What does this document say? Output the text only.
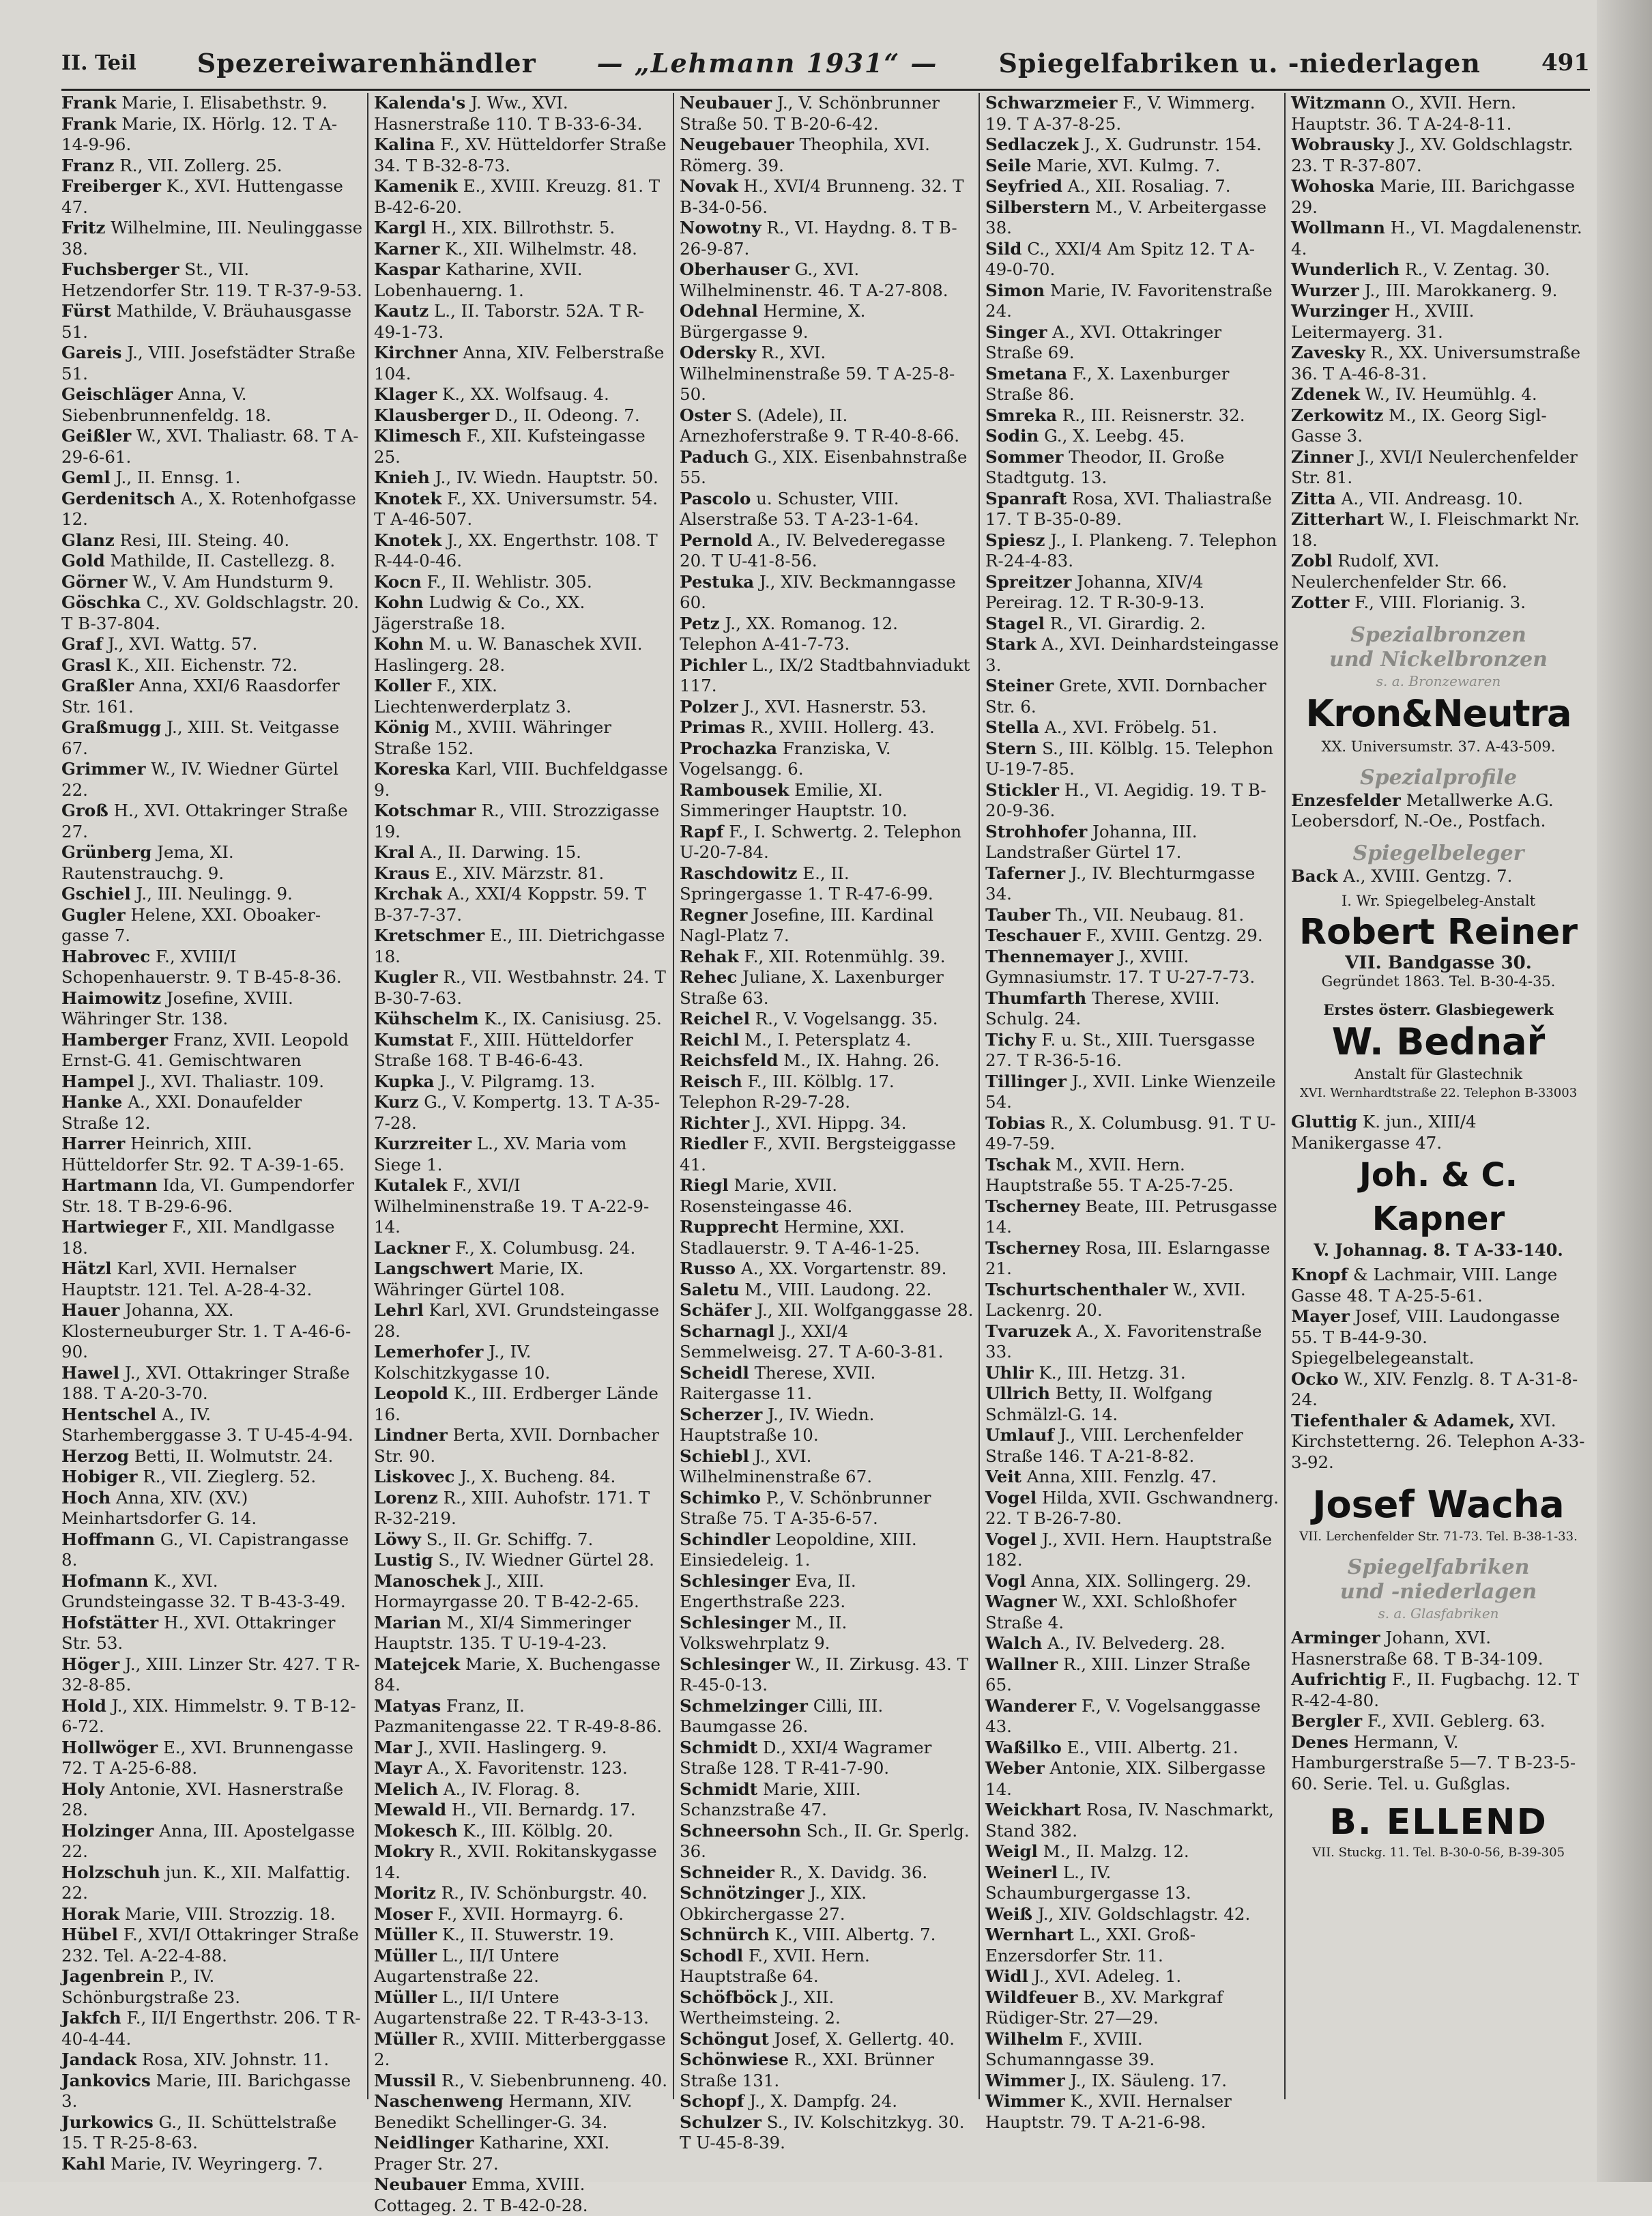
II. Teil Spezereiwarenhändler — „Lehmann 1931“ — Spiegelfabriken u. -niederlagen	491
Frank Marie, I. Elisabethstr. 9.
Frank Marie, IX. Hörlg. 12. T A-14-9-96.
Franz R., VII. Zollerg. 25.
Freiberger K., XVI. Huttengasse 47.
Fritz Wilhelmine, III. Neulinggasse 38.
Fuchsberger St., VII. Hetzendorfer Str. 119. T R-37-9-53.
Fürst Mathilde, V. Bräuhausgasse 51.
Gareis J., VIII. Josefstädter Straße 51.
Geischläger Anna, V. Siebenbrunnenfeldg. 18.
Geißler W., XVI. Thaliastr. 68. T A-29-6-61.
Geml J., II. Ennsg. 1.
Gerdenitsch A., X. Rotenhofgasse 12.
Glanz Resi, III. Steing. 40.
Gold Mathilde, II. Castellezg. 8.
Görner W., V. Am Hundsturm 9.
Göschka C., XV. Goldschlagstr. 20. T B-37-804.
Graf J., XVI. Wattg. 57.
Grasl K., XII. Eichenstr. 72.
Graßler Anna, XXI/6 Raasdorfer Str. 161.
Graßmugg J., XIII. St. Veitgasse 67.
Grimmer W., IV. Wiedner Gürtel 22.
Groß H., XVI. Ottakringer Straße 27.
Grünberg Jema, XI. Rautenstrauchg. 9.
Gschiel J., III. Neulingg. 9.
Gugler Helene, XXI. Oboaker-gasse 7.
Habrovec F., XVIII/I Schopenhauerstr. 9. T B-45-8-36.
Haimowitz Josefine, XVIII. Währinger Str. 138.
Hamberger Franz, XVII. Leopold Ernst-G. 41. Gemischtwaren
Hampel J., XVI. Thaliastr. 109.
Hanke A., XXI. Donaufelder Straße 12.
Harrer Heinrich, XIII. Hütteldorfer Str. 92. T A-39-1-65.
Hartmann Ida, VI. Gumpendorfer Str. 18. T B-29-6-96.
Hartwieger F., XII. Mandlgasse 18.
Hätzl Karl, XVII. Hernalser Hauptstr. 121. Tel. A-28-4-32.
Hauer Johanna, XX. Klosterneuburger Str. 1. T A-46-6-90.
Hawel J., XVI. Ottakringer Straße 188. T A-20-3-70.
Hentschel A., IV. Starhemberggasse 3. T U-45-4-94.
Herzog Betti, II. Wolmutstr. 24.
Hobiger R., VII. Zieglerg. 52.
Hoch Anna, XIV. (XV.) Meinhartsdorfer G. 14.
Hoffmann G., VI. Capistrangasse 8.
Hofmann K., XVI. Grundsteingasse 32. T B-43-3-49.
Hofstätter H., XVI. Ottakringer Str. 53.
Höger J., XIII. Linzer Str. 427. T R-32-8-85.
Hold J., XIX. Himmelstr. 9. T B-12-6-72.
Hollwöger E., XVI. Brunnengasse 72. T A-25-6-88.
Holy Antonie, XVI. Hasnerstraße 28.
Holzinger Anna, III. Apostelgasse 22.
Holzschuh jun. K., XII. Malfattig. 22.
Horak Marie, VIII. Strozzig. 18.
Hübel F., XVI/I Ottakringer Straße 232. Tel. A-22-4-88.
Jagenbrein P., IV. Schönburgstraße 23.
Jakfch F., II/I Engerthstr. 206. T R-40-4-44.
Jandack Rosa, XIV. Johnstr. 11.
Jankovics Marie, III. Barichgasse 3.
Jurkowics G., II. Schüttelstraße 15. T R-25-8-63.
Kahl Marie, IV. Weyringerg. 7.
Kalenda's J. Ww., XVI. Hasnerstraße 110. T B-33-6-34.
Kalina F., XV. Hütteldorfer Straße 34. T B-32-8-73.
Kamenik E., XVIII. Kreuzg. 81. T B-42-6-20.
Kargl H., XIX. Billrothstr. 5.
Karner K., XII. Wilhelmstr. 48.
Kaspar Katharine, XVII. Lobenhauerng. 1.
Kautz L., II. Taborstr. 52A. T R-49-1-73.
Kirchner Anna, XIV. Felberstraße 104.
Klager K., XX. Wolfsaug. 4.
Klausberger D., II. Odeong. 7.
Klimesch F., XII. Kufsteingasse 25.
Knieh J., IV. Wiedn. Hauptstr. 50.
Knotek F., XX. Universumstr. 54. T A-46-507.
Knotek J., XX. Engerthstr. 108. T R-44-0-46.
Kocn F., II. Wehlistr. 305.
Kohn Ludwig & Co., XX. Jägerstraße 18.
Kohn M. u. W. Banaschek XVII. Haslingerg. 28.
Koller F., XIX. Liechtenwerderplatz 3.
König M., XVIII. Währinger Straße 152.
Koreska Karl, VIII. Buchfeldgasse 9.
Kotschmar R., VIII. Strozzigasse 19.
Kral A., II. Darwing. 15.
Kraus E., XIV. Märzstr. 81.
Krchak A., XXI/4 Koppstr. 59. T B-37-7-37.
Kretschmer E., III. Dietrichgasse 18.
Kugler R., VII. Westbahnstr. 24. T B-30-7-63.
Kühschelm K., IX. Canisiusg. 25.
Kumstat F., XIII. Hütteldorfer Straße 168. T B-46-6-43.
Kupka J., V. Pilgramg. 13.
Kurz G., V. Kompertg. 13. T A-35-7-28.
Kurzreiter L., XV. Maria vom Siege 1.
Kutalek F., XVI/I Wilhelminenstraße 19. T A-22-9-14.
Lackner F., X. Columbusg. 24.
Langschwert Marie, IX. Währinger Gürtel 108.
Lehrl Karl, XVI. Grundsteingasse 28.
Lemerhofer J., IV. Kolschitzkygasse 10.
Leopold K., III. Erdberger Lände 16.
Lindner Berta, XVII. Dornbacher Str. 90.
Liskovec J., X. Bucheng. 84.
Lorenz R., XIII. Auhofstr. 171. T R-32-219.
Löwy S., II. Gr. Schiffg. 7.
Lustig S., IV. Wiedner Gürtel 28.
Manoschek J., XIII. Hormayrgasse 20. T B-42-2-65.
Marian M., XI/4 Simmeringer Hauptstr. 135. T U-19-4-23.
Matejcek Marie, X. Buchengasse 84.
Matyas Franz, II. Pazmanitengasse 22. T R-49-8-86.
Mar J., XVII. Haslingerg. 9.
Mayr A., X. Favoritenstr. 123.
Melich A., IV. Florag. 8.
Mewald H., VII. Bernardg. 17.
Mokesch K., III. Kölblg. 20.
Mokry R., XVII. Rokitanskygasse 14.
Moritz R., IV. Schönburgstr. 40.
Moser F., XVII. Hormayrg. 6.
Müller K., II. Stuwerstr. 19.
Müller L., II/I Untere Augartenstraße 22.
Müller L., II/I Untere Augartenstraße 22. T R-43-3-13.
Müller R., XVIII. Mitterberggasse 2.
Mussil R., V. Siebenbrunneng. 40.
Naschenweng Hermann, XIV. Benedikt Schellinger-G. 34.
Neidlinger Katharine, XXI. Prager Str. 27.
Neubauer Emma, XVIII. Cottageg. 2. T B-42-0-28.
Neubauer J., V. Schönbrunner Straße 50. T B-20-6-42.
Neugebauer Theophila, XVI. Römerg. 39.
Novak H., XVI/4 Brunneng. 32. T B-34-0-56.
Nowotny R., VI. Haydng. 8. T B-26-9-87.
Oberhauser G., XVI. Wilhelminenstr. 46. T A-27-808.
Odehnal Hermine, X. Bürgergasse 9.
Odersky R., XVI. Wilhelminenstraße 59. T A-25-8-50.
Oster S. (Adele), II. Arnezhoferstraße 9. T R-40-8-66.
Paduch G., XIX. Eisenbahnstraße 55.
Pascolo u. Schuster, VIII. Alserstraße 53. T A-23-1-64.
Pernold A., IV. Belvederegasse 20. T U-41-8-56.
Pestuka J., XIV. Beckmanngasse 60.
Petz J., XX. Romanog. 12. Telephon A-41-7-73.
Pichler L., IX/2 Stadtbahnviadukt 117.
Polzer J., XVI. Hasnerstr. 53.
Primas R., XVIII. Hollerg. 43.
Prochazka Franziska, V. Vogelsangg. 6.
Rambousek Emilie, XI. Simmeringer Hauptstr. 10.
Rapf F., I. Schwertg. 2. Telephon U-20-7-84.
Raschdowitz E., II. Springergasse 1. T R-47-6-99.
Regner Josefine, III. Kardinal Nagl-Platz 7.
Rehak F., XII. Rotenmühlg. 39.
Rehec Juliane, X. Laxenburger Straße 63.
Reichel R., V. Vogelsangg. 35.
Reichl M., I. Petersplatz 4.
Reichsfeld M., IX. Hahng. 26.
Reisch F., III. Kölblg. 17. Telephon R-29-7-28.
Richter J., XVI. Hippg. 34.
Riedler F., XVII. Bergsteiggasse 41.
Riegl Marie, XVII. Rosensteingasse 46.
Rupprecht Hermine, XXI. Stadlauerstr. 9. T A-46-1-25.
Russo A., XX. Vorgartenstr. 89.
Saletu M., VIII. Laudong. 22.
Schäfer J., XII. Wolfganggasse 28.
Scharnagl J., XXI/4 Semmelweisg. 27. T A-60-3-81.
Scheidl Therese, XVII. Raitergasse 11.
Scherzer J., IV. Wiedn. Hauptstraße 10.
Schiebl J., XVI. Wilhelminenstraße 67.
Schimko P., V. Schönbrunner Straße 75. T A-35-6-57.
Schindler Leopoldine, XIII. Einsiedeleig. 1.
Schlesinger Eva, II. Engerthstraße 223.
Schlesinger M., II. Volkswehrplatz 9.
Schlesinger W., II. Zirkusg. 43. T R-45-0-13.
Schmelzinger Cilli, III. Baumgasse 26.
Schmidt D., XXI/4 Wagramer Straße 128. T R-41-7-90.
Schmidt Marie, XIII. Schanzstraße 47.
Schneersohn Sch., II. Gr. Sperlg. 36.
Schneider R., X. Davidg. 36.
Schnötzinger J., XIX. Obkirchergasse 27.
Schnürch K., VIII. Albertg. 7.
Schodl F., XVII. Hern. Hauptstraße 64.
Schöfböck J., XII. Wertheimsteing. 2.
Schöngut Josef, X. Gellertg. 40.
Schönwiese R., XXI. Brünner Straße 131.
Schopf J., X. Dampfg. 24.
Schulzer S., IV. Kolschitzkyg. 30. T U-45-8-39.
Schwarzmeier F., V. Wimmerg. 19. T A-37-8-25.
Sedlaczek J., X. Gudrunstr. 154.
Seile Marie, XVI. Kulmg. 7.
Seyfried A., XII. Rosaliag. 7.
Silberstern M., V. Arbeitergasse 38.
Sild C., XXI/4 Am Spitz 12. T A-49-0-70.
Simon Marie, IV. Favoritenstraße 24.
Singer A., XVI. Ottakringer Straße 69.
Smetana F., X. Laxenburger Straße 86.
Smreka R., III. Reisnerstr. 32.
Sodin G., X. Leebg. 45.
Sommer Theodor, II. Große Stadtgutg. 13.
Spanraft Rosa, XVI. Thaliastraße 17. T B-35-0-89.
Spiesz J., I. Plankeng. 7. Telephon R-24-4-83.
Spreitzer Johanna, XIV/4 Pereirag. 12. T R-30-9-13.
Stagel R., VI. Girardig. 2.
Stark A., XVI. Deinhardsteingasse 3.
Steiner Grete, XVII. Dornbacher Str. 6.
Stella A., XVI. Fröbelg. 51.
Stern S., III. Kölblg. 15. Telephon U-19-7-85.
Stickler H., VI. Aegidig. 19. T B-20-9-36.
Strohhofer Johanna, III. Landstraßer Gürtel 17.
Taferner J., IV. Blechturmgasse 34.
Tauber Th., VII. Neubaug. 81.
Teschauer F., XVIII. Gentzg. 29.
Thennemayer J., XVIII. Gymnasiumstr. 17. T U-27-7-73.
Thumfarth Therese, XVIII. Schulg. 24.
Tichy F. u. St., XIII. Tuersgasse 27. T R-36-5-16.
Tillinger J., XVII. Linke Wienzeile 54.
Tobias R., X. Columbusg. 91. T U-49-7-59.
Tschak M., XVII. Hern. Hauptstraße 55. T A-25-7-25.
Tscherney Beate, III. Petrusgasse 14.
Tscherney Rosa, III. Eslarngasse 21.
Tschurtschenthaler W., XVII. Lackenrg. 20.
Tvaruzek A., X. Favoritenstraße 33.
Uhlir K., III. Hetzg. 31.
Ullrich Betty, II. Wolfgang Schmälzl-G. 14.
Umlauf J., VIII. Lerchenfelder Straße 146. T A-21-8-82.
Veit Anna, XIII. Fenzlg. 47.
Vogel Hilda, XVII. Gschwandnerg. 22. T B-26-7-80.
Vogel J., XVII. Hern. Hauptstraße 182.
Vogl Anna, XIX. Sollingerg. 29.
Wagner W., XXI. Schloßhofer Straße 4.
Walch A., IV. Belvederg. 28.
Wallner R., XIII. Linzer Straße 65.
Wanderer F., V. Vogelsanggasse 43.
Waßilko E., VIII. Albertg. 21.
Weber Antonie, XIX. Silbergasse 14.
Weickhart Rosa, IV. Naschmarkt, Stand 382.
Weigl M., II. Malzg. 12.
Weinerl L., IV. Schaumburgergasse 13.
Weiß J., XIV. Goldschlagstr. 42.
Wernhart L., XXI. Groß-Enzersdorfer Str. 11.
Widl J., XVI. Adeleg. 1.
Wildfeuer B., XV. Markgraf Rüdiger-Str. 27—29.
Wilhelm F., XVIII. Schumanngasse 39.
Wimmer J., IX. Säuleng. 17.
Wimmer K., XVII. Hernalser Hauptstr. 79. T A-21-6-98.
Witzmann O., XVII. Hern. Hauptstr. 36. T A-24-8-11.
Wobrausky J., XV. Goldschlagstr. 23. T R-37-807.
Wohoska Marie, III. Barichgasse 29.
Wollmann H., VI. Magdalenenstr. 4.
Wunderlich R., V. Zentag. 30.
Wurzer J., III. Marokkanerg. 9.
Wurzinger H., XVIII. Leitermayerg. 31.
Zavesky R., XX. Universumstraße 36. T A-46-8-31.
Zdenek W., IV. Heumühlg. 4.
Zerkowitz M., IX. Georg Sigl-Gasse 3.
Zinner J., XVI/I Neulerchenfelder Str. 81.
Zitta A., VII. Andreasg. 10.
Zitterhart W., I. Fleischmarkt Nr. 18.
Zobl Rudolf, XVI. Neulerchenfelder Str. 66.
Zotter F., VIII. Florianig. 3.
Spezialbronzen
und Nickelbronzen
s. a. Bronzewaren
Kron&Neutra
XX. Universumstr. 37. A-43-509.
Spezialprofile
Enzesfelder Metallwerke A.G. Leobersdorf, N.-Oe., Postfach.
Spiegelbeleger
Back A., XVIII. Gentzg. 7.
I. Wr. Spiegelbeleg-Anstalt
Robert Reiner
VII. Bandgasse 30.
Gegründet 1863. Tel. B-30-4-35.
Erstes österr. Glasbiegewerk
W. Bednař
Anstalt für Glastechnik
XVI. Wernhardtstraße 22. Telephon B-33003
Gluttig K. jun., XIII/4 Manikergasse 47.
Joh. & C. Kapner
V. Johannag. 8. T A-33-140.
Knopf & Lachmair, VIII. Lange Gasse 48. T A-25-5-61.
Mayer Josef, VIII. Laudongasse 55. T B-44-9-30. Spiegelbelegeanstalt.
Ocko W., XIV. Fenzlg. 8. T A-31-8-24.
Tiefenthaler & Adamek, XVI. Kirchstetterng. 26. Telephon A-33-3-92.
Josef Wacha
VII. Lerchenfelder Str. 71-73. Tel. B-38-1-33.
Spiegelfabriken
und -niederlagen
s. a. Glasfabriken
Arminger Johann, XVI. Hasnerstraße 68. T B-34-109.
Aufrichtig F., II. Fugbachg. 12. T R-42-4-80.
Bergler F., XVII. Geblerg. 63.
Denes Hermann, V. Hamburgerstraße 5—7. T B-23-5-60. Serie. Tel. u. Gußglas.
B. ELLEND
VII. Stuckg. 11. Tel. B-30-0-56, B-39-305
